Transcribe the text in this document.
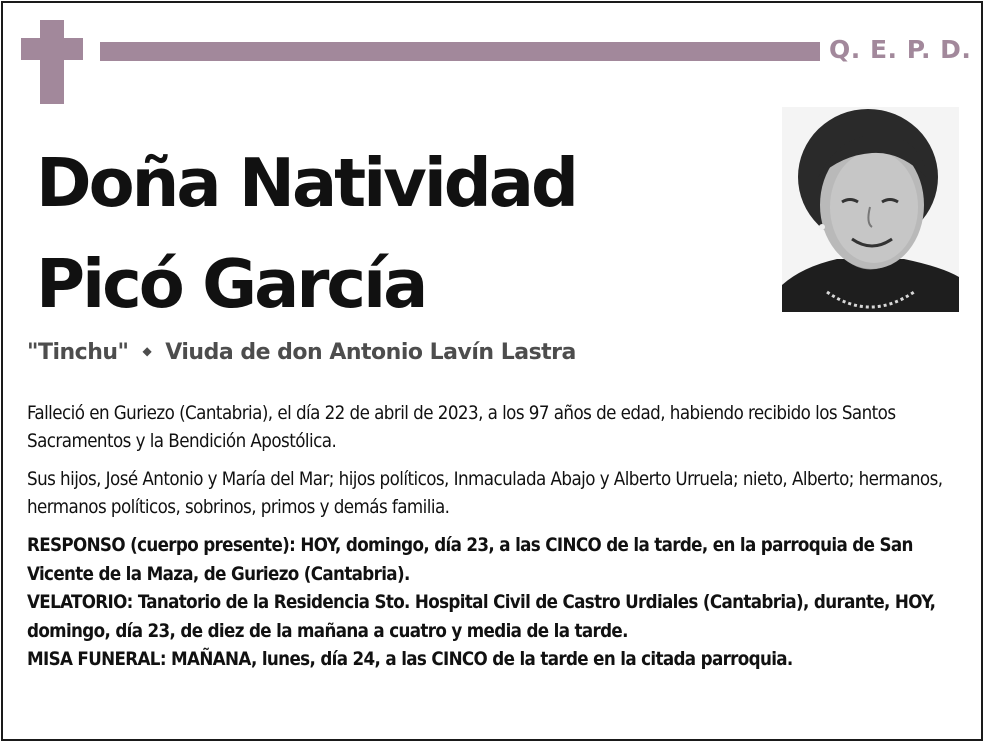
Q. E. P. D.
Doña Natividad
Picó García
"Tinchu" ◆ Viuda de don Antonio Lavín Lastra

Falleció en Guriezo (Cantabria), el día 22 de abril de 2023, a los 97 años de edad, habiendo recibido los Santos Sacramentos y la Bendición Apostólica.

Sus hijos, José Antonio y María del Mar; hijos políticos, Inmaculada Abajo y Alberto Urruela; nieto, Alberto; hermanos, hermanos políticos, sobrinos, primos y demás familia.

RESPONSO (cuerpo presente): HOY, domingo, día 23, a las CINCO de la tarde, en la parroquia de San Vicente de la Maza, de Guriezo (Cantabria).
VELATORIO: Tanatorio de la Residencia Sto. Hospital Civil de Castro Urdiales (Cantabria), durante, HOY, domingo, día 23, de diez de la mañana a cuatro y media de la tarde.
MISA FUNERAL: MAÑANA, lunes, día 24, a las CINCO de la tarde en la citada parroquia.
